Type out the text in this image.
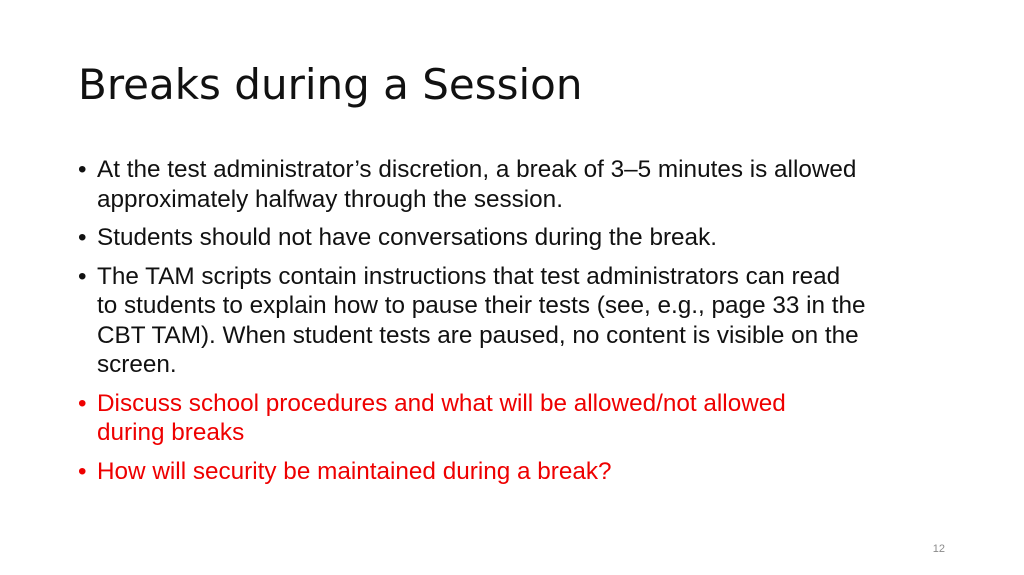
Breaks during a Session
• At the test administrator’s discretion, a break of 3–5 minutes is allowed
approximately halfway through the session.
• Students should not have conversations during the break.
• The TAM scripts contain instructions that test administrators can read
to students to explain how to pause their tests (see, e.g., page 33 in the
CBT TAM). When student tests are paused, no content is visible on the
screen.
• Discuss school procedures and what will be allowed/not allowed
during breaks
• How will security be maintained during a break?
12
